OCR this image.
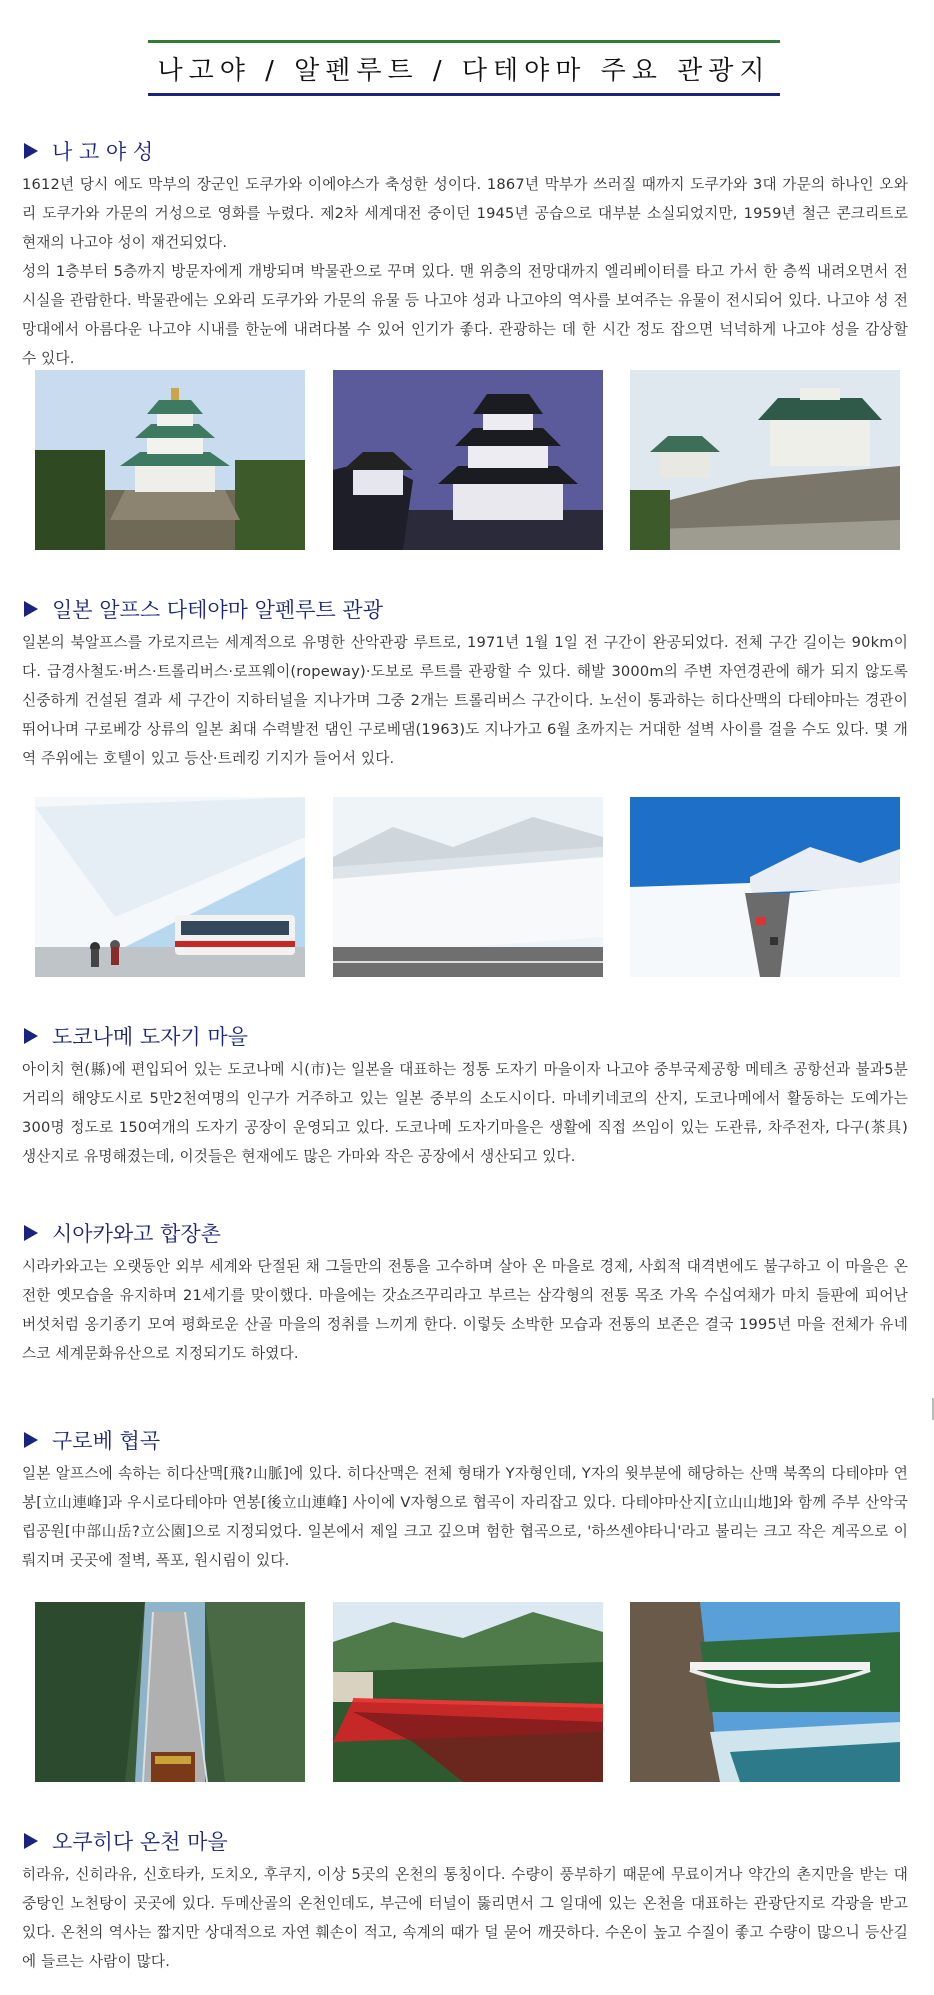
나고야 / 알펜루트 / 다테야마 주요 관광지
나 고 야 성

1612년 당시 에도 막부의 장군인 도쿠가와 이에야스가 축성한 성이다. 1867년 막부가 쓰러질 때까지 도쿠가와 3대 가문의 하나인 오와리 도쿠가와 가문의 거성으로 영화를 누렸다. 제2차 세계대전 중이던 1945년 공습으로 대부분 소실되었지만, 1959년 철근 콘크리트로 현재의 나고야 성이 재건되었다.

성의 1층부터 5층까지 방문자에게 개방되며 박물관으로 꾸며 있다. 맨 위층의 전망대까지 엘리베이터를 타고 가서 한 층씩 내려오면서 전시실을 관람한다. 박물관에는 오와리 도쿠가와 가문의 유물 등 나고야 성과 나고야의 역사를 보여주는 유물이 전시되어 있다. 나고야 성 전망대에서 아름다운 나고야 시내를 한눈에 내려다볼 수 있어 인기가 좋다. 관광하는 데 한 시간 정도 잡으면 넉넉하게 나고야 성을 감상할 수 있다.

일본 알프스 다테야마 알펜루트 관광

일본의 북알프스를 가로지르는 세계적으로 유명한 산악관광 루트로, 1971년 1월 1일 전 구간이 완공되었다. 전체 구간 길이는 90km이다. 급경사철도·버스·트롤리버스·로프웨이(ropeway)·도보로 루트를 관광할 수 있다. 해발 3000m의 주변 자연경관에 해가 되지 않도록 신중하게 건설된 결과 세 구간이 지하터널을 지나가며 그중 2개는 트롤리버스 구간이다. 노선이 통과하는 히다산맥의 다테야마는 경관이 뛰어나며 구로베강 상류의 일본 최대 수력발전 댐인 구로베댐(1963)도 지나가고 6월 초까지는 거대한 설벽 사이를 걸을 수도 있다. 몇 개역 주위에는 호텔이 있고 등산·트레킹 기지가 들어서 있다.

도코나메 도자기 마을

아이치 현(縣)에 편입되어 있는 도코나메 시(市)는 일본을 대표하는 정통 도자기 마을이자 나고야 중부국제공항 메테츠 공항선과 불과5분거리의 해양도시로 5만2천여명의 인구가 거주하고 있는 일본 중부의 소도시이다. 마네키네코의 산지, 도코나메에서 활동하는 도예가는 300명 정도로 150여개의 도자기 공장이 운영되고 있다. 도코나메 도자기마을은 생활에 직접 쓰임이 있는 도관류, 차주전자, 다구(茶具) 생산지로 유명해졌는데, 이것들은 현재에도 많은 가마와 작은 공장에서 생산되고 있다.

시아카와고 합장촌

시라카와고는 오랫동안 외부 세계와 단절된 채 그들만의 전통을 고수하며 살아 온 마을로 경제, 사회적 대격변에도 불구하고 이 마을은 온전한 옛모습을 유지하며 21세기를 맞이했다. 마을에는 갓쇼즈꾸리라고 부르는 삼각형의 전통 목조 가옥 수십여채가 마치 들판에 피어난 버섯처럼 옹기종기 모여 평화로운 산골 마을의 정취를 느끼게 한다. 이렇듯 소박한 모습과 전통의 보존은 결국 1995년 마을 전체가 유네스코 세계문화유산으로 지정되기도 하였다.

구로베 협곡

일본 알프스에 속하는 히다산맥[飛?山脈]에 있다. 히다산맥은 전체 형태가 Y자형인데, Y자의 윗부분에 해당하는 산맥 북쪽의 다테야마 연봉[立山連峰]과 우시로다테야마 연봉[後立山連峰] 사이에 V자형으로 협곡이 자리잡고 있다. 다테야마산지[立山山地]와 함께 주부 산악국립공원[中部山岳?立公園]으로 지정되었다. 일본에서 제일 크고 깊으며 험한 협곡으로, '하쓰센야타니'라고 불리는 크고 작은 계곡으로 이뤄지며 곳곳에 절벽, 폭포, 원시림이 있다.

오쿠히다 온천 마을

히라유, 신히라유, 신호타카, 도치오, 후쿠지, 이상 5곳의 온천의 통칭이다. 수량이 풍부하기 때문에 무료이거나 약간의 촌지만을 받는 대중탕인 노천탕이 곳곳에 있다. 두메산골의 온천인데도, 부근에 터널이 뚫리면서 그 일대에 있는 온천을 대표하는 관광단지로 각광을 받고 있다. 온천의 역사는 짧지만 상대적으로 자연 훼손이 적고, 속계의 때가 덜 묻어 깨끗하다. 수온이 높고 수질이 좋고 수량이 많으니 등산길에 들르는 사람이 많다.
